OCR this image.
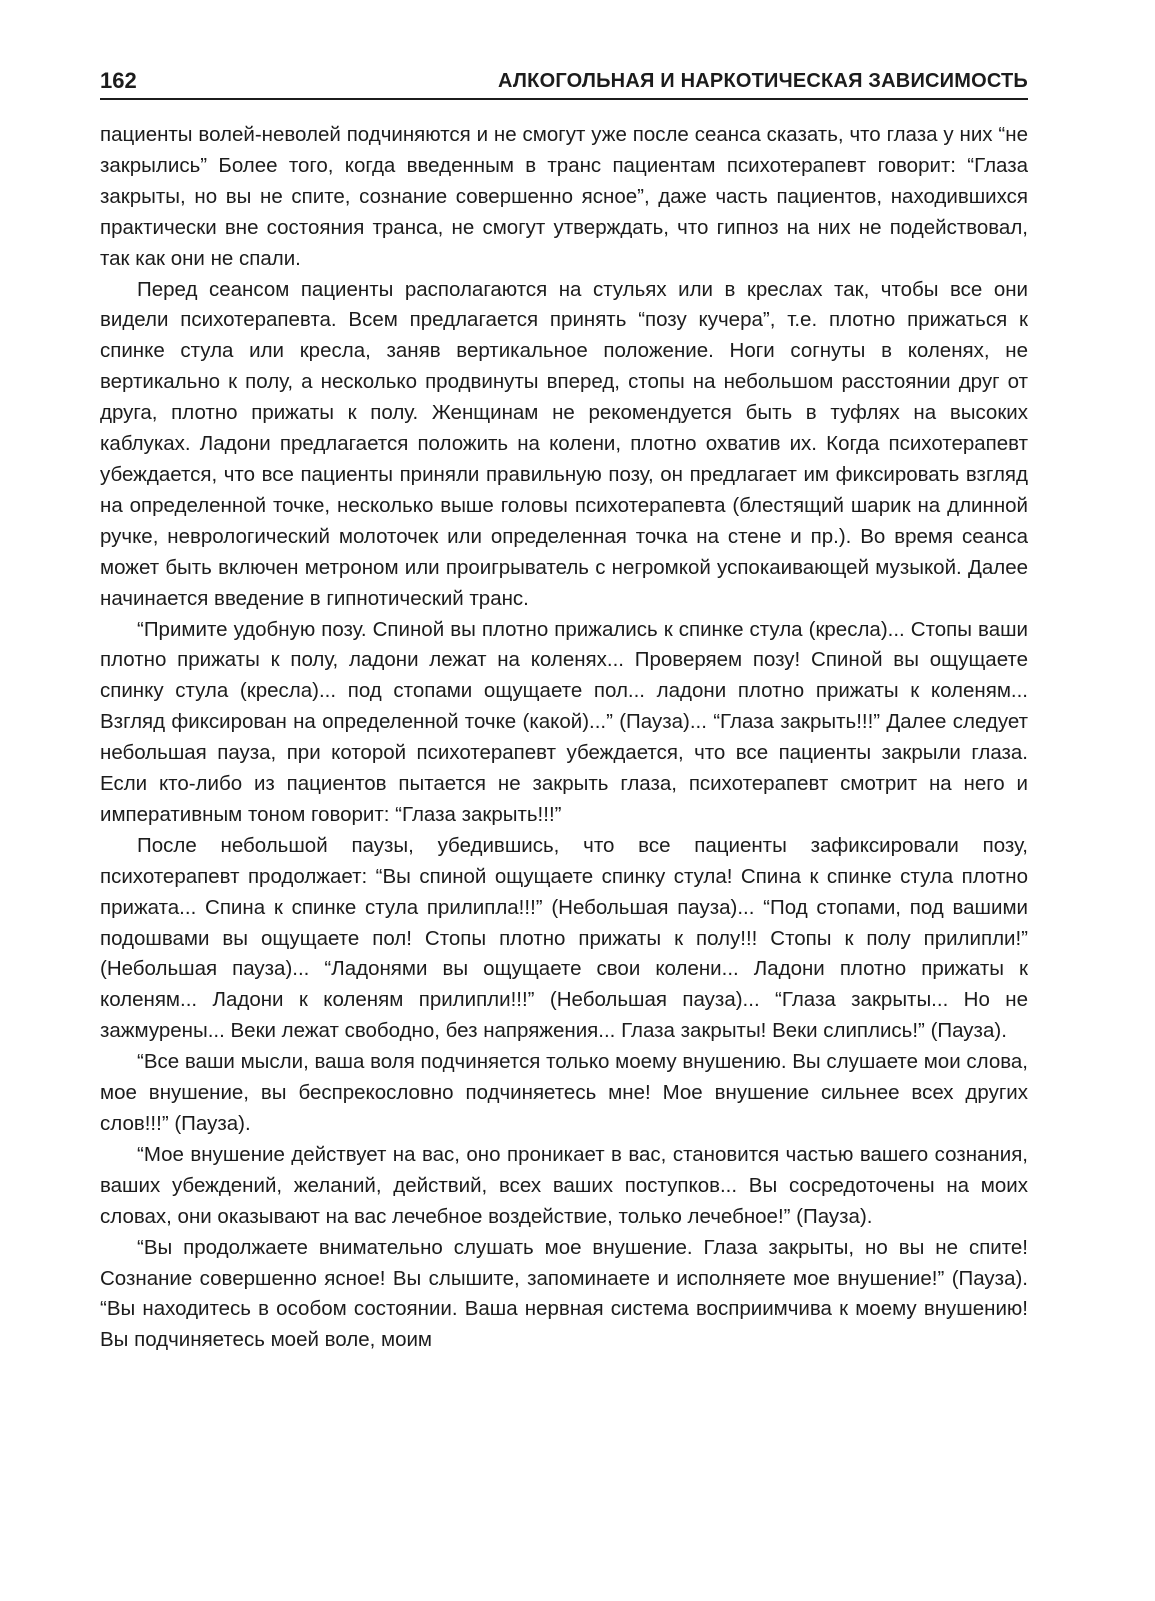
162	АЛКОГОЛЬНАЯ И НАРКОТИЧЕСКАЯ ЗАВИСИМОСТЬ

пациенты волей-неволей подчиняются и не смогут уже после сеанса сказать, что глаза у них “не закрылись” Более того, когда введенным в транс пациентам психотерапевт говорит: “Глаза закрыты, но вы не спите, сознание совершенно ясное”, даже часть пациентов, находившихся практически вне состояния транса, не смогут утверждать, что гипноз на них не подействовал, так как они не спали.

Перед сеансом пациенты располагаются на стульях или в креслах так, чтобы все они видели психотерапевта. Всем предлагается принять “позу кучера”, т.е. плотно прижаться к спинке стула или кресла, заняв вертикальное положение. Ноги согнуты в коленях, не вертикально к полу, а несколько продвинуты вперед, стопы на небольшом расстоянии друг от друга, плотно прижаты к полу. Женщинам не рекомендуется быть в туфлях на высоких каблуках. Ладони предлагается положить на колени, плотно охватив их. Когда психотерапевт убеждается, что все пациенты приняли правильную позу, он предлагает им фиксировать взгляд на определенной точке, несколько выше головы психотерапевта (блестящий шарик на длинной ручке, неврологический молоточек или определенная точка на стене и пр.). Во время сеанса может быть включен метроном или проигрыватель с негромкой успокаивающей музыкой. Далее начинается введение в гипнотический транс.

“Примите удобную позу. Спиной вы плотно прижались к спинке стула (кресла)... Стопы ваши плотно прижаты к полу, ладони лежат на коленях... Проверяем позу! Спиной вы ощущаете спинку стула (кресла)... под стопами ощущаете пол... ладони плотно прижаты к коленям... Взгляд фиксирован на определенной точке (какой)...” (Пауза)... “Глаза закрыть!!!” Далее следует небольшая пауза, при которой психотерапевт убеждается, что все пациенты закрыли глаза. Если кто-либо из пациентов пытается не закрыть глаза, психотерапевт смотрит на него и императивным тоном говорит: “Глаза закрыть!!!”

После небольшой паузы, убедившись, что все пациенты зафиксировали позу, психотерапевт продолжает: “Вы спиной ощущаете спинку стула! Спина к спинке стула плотно прижата... Спина к спинке стула прилипла!!!” (Небольшая пауза)... “Под стопами, под вашими подошвами вы ощущаете пол! Стопы плотно прижаты к полу!!! Стопы к полу прилипли!” (Небольшая пауза)... “Ладонями вы ощущаете свои колени... Ладони плотно прижаты к коленям... Ладони к коленям прилипли!!!” (Небольшая пауза)... “Глаза закрыты... Но не зажмурены... Веки лежат свободно, без напряжения... Глаза закрыты! Веки слиплись!” (Пауза).

“Все ваши мысли, ваша воля подчиняется только моему внушению. Вы слушаете мои слова, мое внушение, вы беспрекословно подчиняетесь мне! Мое внушение сильнее всех других слов!!!” (Пауза).

“Мое внушение действует на вас, оно проникает в вас, становится частью вашего сознания, ваших убеждений, желаний, действий, всех ваших поступков... Вы сосредоточены на моих словах, они оказывают на вас лечебное воздействие, только лечебное!” (Пауза).

“Вы продолжаете внимательно слушать мое внушение. Глаза закрыты, но вы не спите! Сознание совершенно ясное! Вы слышите, запоминаете и исполняете мое внушение!” (Пауза). “Вы находитесь в особом состоянии. Ваша нервная система восприимчива к моему внушению! Вы подчиняетесь моей воле, моим
